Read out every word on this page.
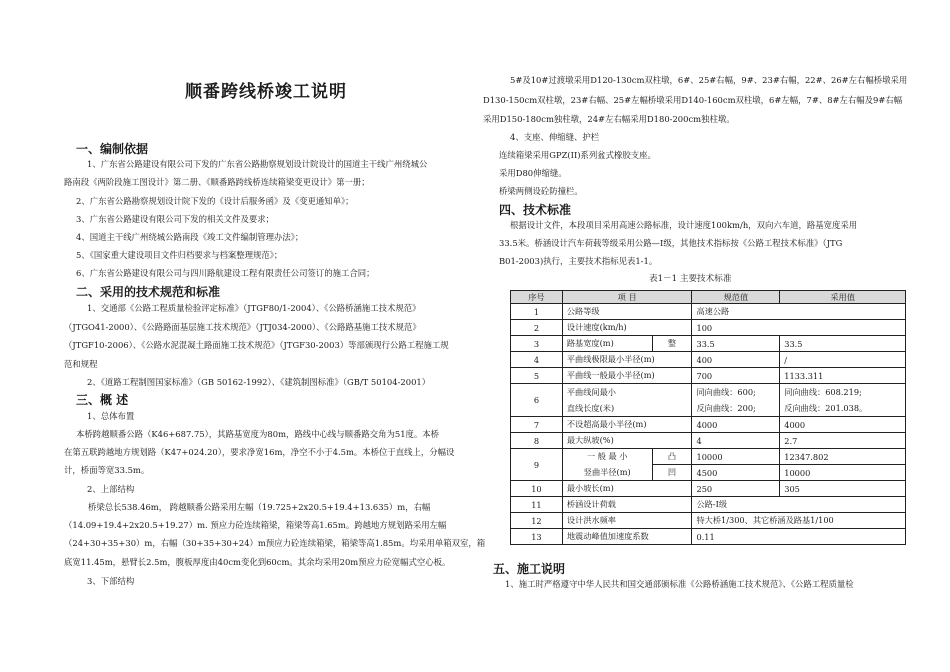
顺番跨线桥竣工说明
一、编制依据
1、广东省公路建设有限公司下发的广东省公路勘察规划设计院设计的国道主干线广州绕城公
路南段《两阶段施工图设计》第二册、《顺番路跨线桥连续箱梁变更设计》第一册；
2、广东省公路勘察规划设计院下发的《设计后服务函》及《变更通知单》；
3、广东省公路建设有限公司下发的相关文件及要求；
4、国道主干线广州绕城公路南段《竣工文件编制管理办法》；
5、《国家重大建设项目文件归档要求与档案整理规范》；
6、广东省公路建设有限公司与四川路航建设工程有限责任公司签订的施工合同；
二、采用的技术规范和标准
1、交通部《公路工程质量检验评定标准》（JTGF80/1-2004）、《公路桥涵施工技术规范》
（JTGO41-2000）、《公路路面基层施工技术规范》（JTJ034-2000）、《公路路基施工技术规范》
（JTGF10-2006）、《公路水泥混凝土路面施工技术规范》（JTGF30-2003）等部颁现行公路工程施工规
范和规程
2、《道路工程制图国家标准》（GB 50162-1992）、《建筑制图标准》（GB/T 50104-2001）
三、概 述
1、总体布置
本桥跨越顺番公路（K46+687.75），其路基宽度为80m，路线中心线与顺番路交角为51度。本桥
在第五联跨越地方规划路（K47+024.20），要求净宽16m，净空不小于4.5m。本桥位于直线上，分幅设
计，桥面等宽33.5m。
2、上部结构
桥梁总长538.46m， 跨越顺番公路采用左幅（19.725+2x20.5+19.4+13.635）m，右幅
（14.09+19.4+2x20.5+19.27）m. 预应力砼连续箱梁，箱梁等高1.65m。跨越地方规划路采用左幅
（24+30+35+30）m，右幅（30+35+30+24）m预应力砼连续箱梁，箱梁等高1.85m。均采用单箱双室，箱
底宽11.45m，悬臂长2.5m，腹板厚度由40cm变化到60cm。其余均采用20m预应力砼宽幅式空心板。
3、下部结构
5#及10#过渡墩采用D120-130cm双柱墩，6#、25#右幅，9#、23#右幅，22#、26#左右幅桥墩采用
D130-150cm双柱墩，23#右幅、25#左幅桥墩采用D140-160cm双柱墩，6#左幅，7#、8#左右幅及9#右幅
采用D150-180cm独柱墩，24#左右幅采用D180-200cm独柱墩。
4、支座、伸缩缝、护栏
连续箱梁采用GPZ(II)系列盆式橡胶支座。
采用D80伸缩缝。
桥梁两侧设砼防撞栏。
四、技术标准
根据设计文件，本段项目采用高速公路标准，设计速度100km/h，双向六车道，路基宽度采用
33.5米。桥涵设计汽车荷载等级采用公路—I级，其他技术指标按《公路工程技术标准》（JTG
B01-2003)执行，主要技术指标见表1-1。
表1－1 主要技术标准
序号	项 目		规范值	采用值
1	公路等级		高速公路	
2	设计速度(km/h)		100	
3	路基宽度(m)	整	33.5	33.5
4	平曲线极限最小半径(m)		400	/
5	平曲线一般最小半径(m)		700	1133.311
6	平曲线间最小		同向曲线：600;	同向曲线：608.219;
	直线长度(米)		反向曲线：200;	反向曲线：201.038。
7	不设超高最小半径(m)		4000	4000
8	最大纵坡(%)		4	2.7
9	一 般 最 小	凸	10000	12347.802
	竖曲半径(m)	凹	4500	10000
10	最小坡长(m)		250	305
11	桥涵设计荷载		公路-I级	
12	设计洪水频率		特大桥1/300、其它桥涵及路基1/100	
13	地震动峰值加速度系数		0.11	
五、施工说明
1、施工时严格遵守中华人民共和国交通部颁标准《公路桥涵施工技术规范》、《公路工程质量检
